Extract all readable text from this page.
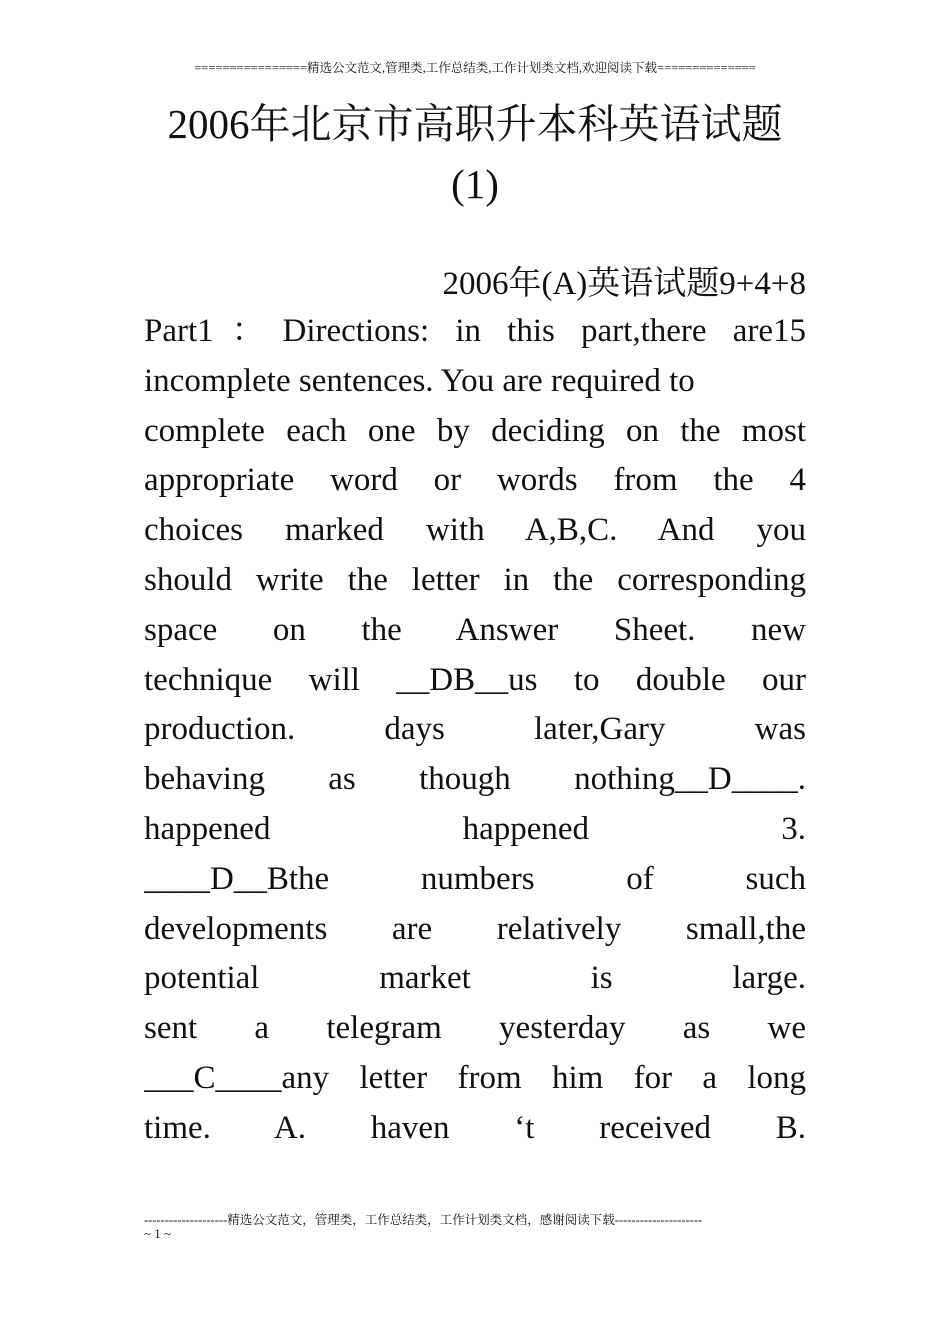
================精选公文范文,管理类,工作总结类,工作计划类文档,欢迎阅读下载==============
2006年北京市高职升本科英语试题
(1)
2006年(A)英语试题9+4+8
Part1：Directions: in this part,there are15
incomplete sentences. You are required to
complete each one by deciding on the most
appropriate word or words from the 4
choices marked with A,B,C. And you
should write the letter in the corresponding
space on the Answer Sheet. new
technique will __DB__us to double our
production. days later,Gary was
behaving as though nothing__D____.
happened happened 3.
____D__Bthe numbers of such
developments are relatively small,the
potential market is large.
sent a telegram yesterday as we
___C____any letter from him for a long
time. A. haven ‘t received B.
--------------------精选公文范文，管理类，工作总结类，工作计划类文档，感谢阅读下载---------------------
~ 1 ~
